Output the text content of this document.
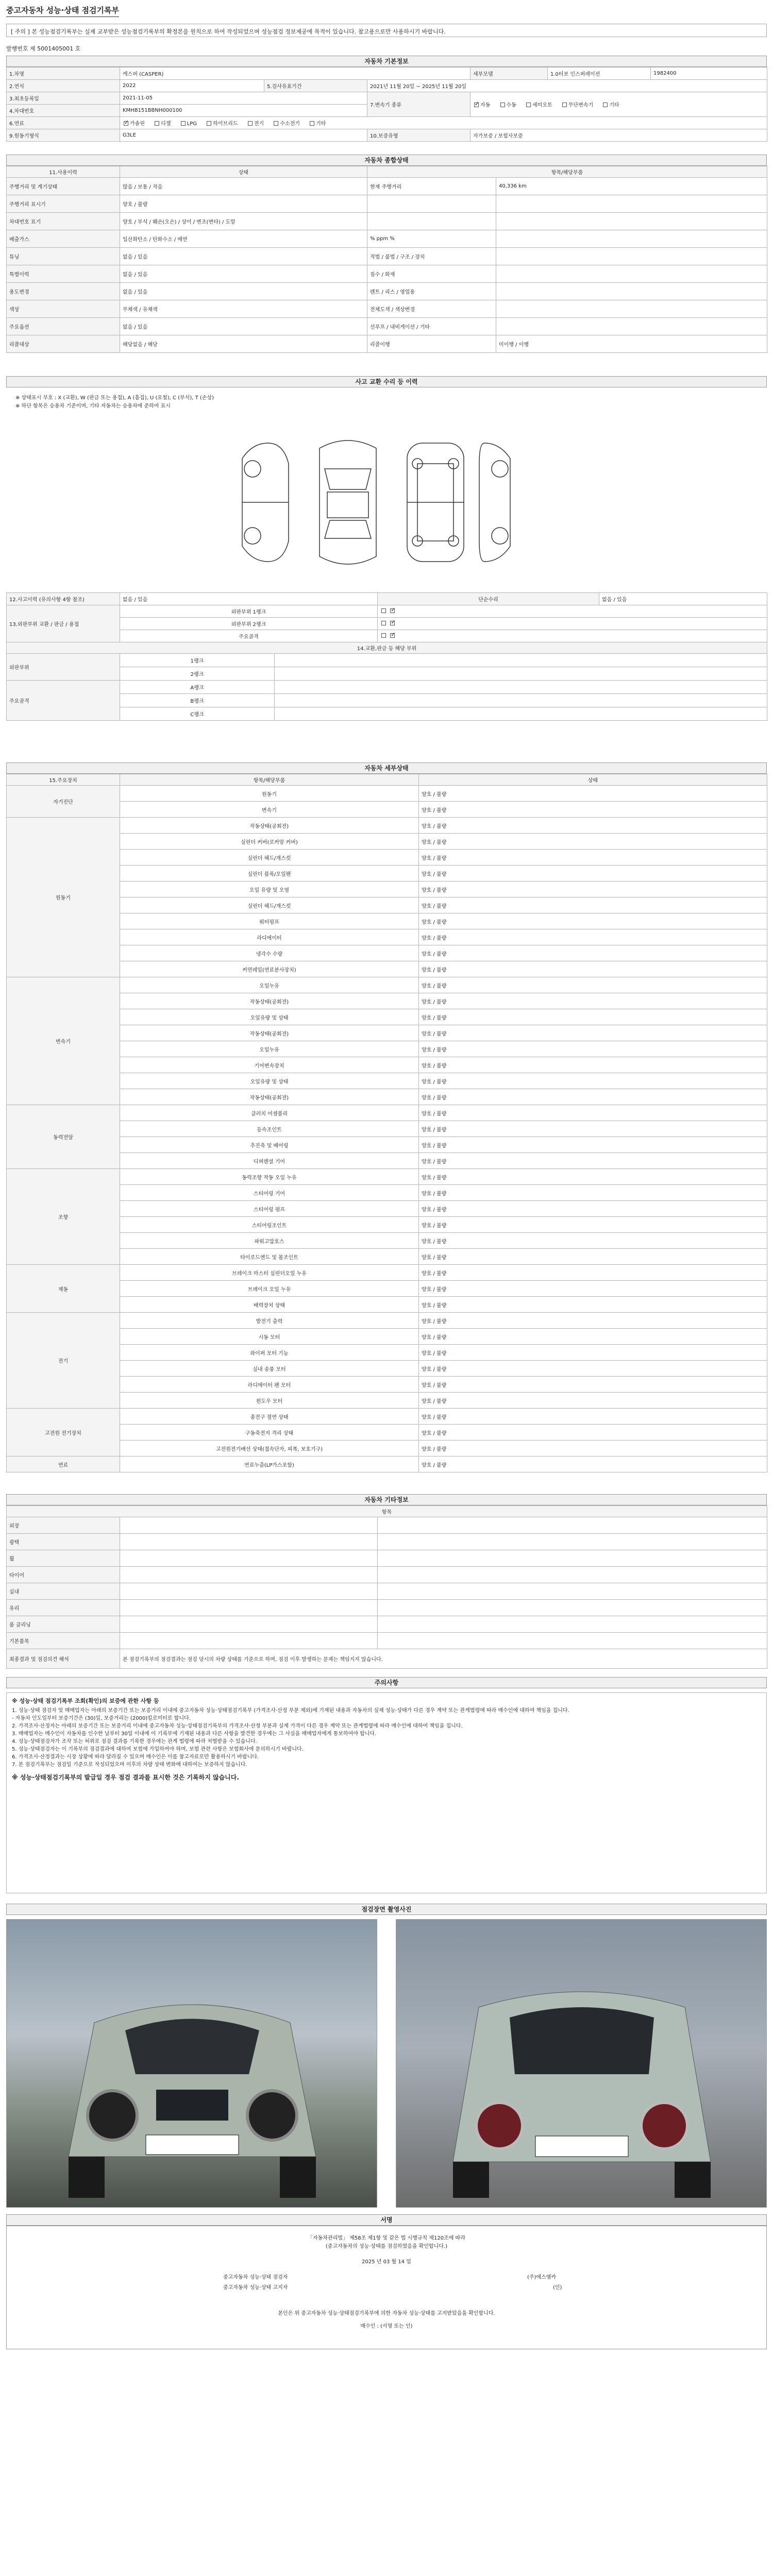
중고자동차 성능·상태 점검기록부
[ 주의 ] 본 성능점검기록부는 실제 교부받은 성능점검기록부의 확정본을 원칙으로 하여 작성되었으며 성능점검 정보제공에 목적이 있습니다. 참고용으로만 사용하시기 바랍니다.
발행번호 제 5001405001 호
자동차 기본정보
1.차명	캐스퍼 (CASPER)			세부모델	1.0터보 인스퍼레이션	1982400
2.연식	2022	5.검사유효기간	2021년 11월 20일 ~ 2025년 11월 20일			
3.최초등록일	2021-11-05		7.변속기 종류	✓자동 수동 세미오토 무단변속기 기타
4.차대번호	KMHB151BBNH000100					
6.연료	✓가솔린 디젤 LPG 하이브리드 전기 수소전기 기타
9.원동기형식	G3LE		10.보증유형	자가보증 / 보험사보증		
자동차 종합상태
11.사용이력	상태	항목/해당부품	
주행거리 및 계기상태	많음 / 보통 / 적음	현재 주행거리	40,336 km
주행거리 표시기	양호 / 불량		
차대번호 표기	양호 / 부식 / 훼손(오손) / 상이 / 변조(변타) / 도말		
배출가스	일산화탄소 / 탄화수소 / 매연	% ppm %	
튜닝	없음 / 있음	적법 / 불법 / 구조 / 장치	
특별이력	없음 / 있음	침수 / 화재	
용도변경	없음 / 있음	렌트 / 리스 / 영업용	
색상	무채색 / 유채색	전체도색 / 색상변경	
주요옵션	없음 / 있음	선루프 / 내비게이션 / 기타	
리콜대상	해당없음 / 해당	리콜이행	미이행 / 이행
사고 교환 수리 등 이력
※ 상태표시 부호 : X (교환), W (판금 또는 용접), A (흠집), U (요철), C (부식), T (손상)
※ 하단 항목은 승용차 기준이며, 기타 자동차는 승용차에 준하여 표시
12.사고이력 (유의사항 4항 참조)	없음 / 있음		단순수리	없음 / 있음
13.외판부위 교환 / 판금 / 용접	외판부위 1랭크	✓
	외판부위 2랭크	✓
	주요골격	✓
14.교환,판금 등 해당 부위				
외판부위	1랭크			
	2랭크			
주요골격	A랭크			
	B랭크			
	C랭크			
자동차 세부상태
15.주요장치	항목/해당부품	상태
자기진단	원동기	양호 / 불량
	변속기	양호 / 불량
원동기	작동상태(공회전)	양호 / 불량
	실린더 커버(로커암 커버)	양호 / 불량
	실린더 헤드/개스킷	양호 / 불량
	실린더 블록/오일팬	양호 / 불량
	오일 유량 및 오염	양호 / 불량
	실린더 헤드/개스킷	양호 / 불량
	워터펌프	양호 / 불량
	라디에이터	양호 / 불량
	냉각수 수량	양호 / 불량
	커먼레일(연료분사장치)	양호 / 불량
변속기	오일누유	양호 / 불량
	작동상태(공회전)	양호 / 불량
	오일유량 및 상태	양호 / 불량
	작동상태(공회전)	양호 / 불량
	오일누유	양호 / 불량
	기어변속장치	양호 / 불량
	오일유량 및 상태	양호 / 불량
	작동상태(공회전)	양호 / 불량
동력전달	클러치 어셈블리	양호 / 불량
	등속조인트	양호 / 불량
	추진축 및 베어링	양호 / 불량
	디퍼렌셜 기어	양호 / 불량
조향	동력조향 작동 오일 누유	양호 / 불량
	스티어링 기어	양호 / 불량
	스티어링 펌프	양호 / 불량
	스티어링조인트	양호 / 불량
	파워고압호스	양호 / 불량
	타이로드엔드 및 볼조인트	양호 / 불량
제동	브레이크 마스터 실린더오일 누유	양호 / 불량
	브레이크 오일 누유	양호 / 불량
	배력장치 상태	양호 / 불량
전기	발전기 출력	양호 / 불량
	시동 모터	양호 / 불량
	와이퍼 모터 기능	양호 / 불량
	실내 송풍 모터	양호 / 불량
	라디에이터 팬 모터	양호 / 불량
	윈도우 모터	양호 / 불량
고전원 전기장치	충전구 절연 상태	양호 / 불량
	구동축전지 격리 상태	양호 / 불량
	고전원전기배선 상태(접속단자, 피복, 보호기구)	양호 / 불량
연료	연료누출(LP가스포함)	양호 / 불량
자동차 기타정보
항목		
외장		
광택		
휠		
타이어		
실내		
유리		
룸 클리닝		
기본품목		
최종결과 및 점검의견 해석	본 점검기록부의 점검결과는 점검 당시의 차량 상태를 기준으로 하며, 점검 이후 발생하는 문제는 책임지지 않습니다.	
주의사항

※ 성능·상태 점검기록부 조회(확인)의 보증에 관한 사항 등

1. 성능·상태 점검자 및 매매업자는 아래의 보증기간 또는 보증거리 이내에 중고자동차 성능·상태점검기록부 (가격조사·산정 부분 제외)에 기재된 내용과 자동차의 실제 성능·상태가 다른 경우 계약 또는 관계법령에 따라 매수인에 대하여 책임을 집니다.

- 자동차 인도일부터 보증기간은 (30)일, 보증거리는 (2000)킬로미터로 합니다.

2. 가격조사·산정자는 아래의 보증기간 또는 보증거리 이내에 중고자동차 성능·상태점검기록부의 가격조사·산정 부분과 실제 가격이 다른 경우 계약 또는 관계법령에 따라 매수인에 대하여 책임을 집니다.

3. 매매업자는 매수인이 자동차를 인수한 날부터 30일 이내에 이 기록부에 기재된 내용과 다른 사항을 발견한 경우에는 그 사실을 매매업자에게 통보하여야 합니다.

4. 성능·상태점검자가 조작 또는 허위로 점검 결과를 기록한 경우에는 관계 법령에 따라 처벌받을 수 있습니다.

5. 성능·상태점검자는 이 기록부의 점검결과에 대하여 보험에 가입하여야 하며, 보험 관련 사항은 보험회사에 문의하시기 바랍니다.

6. 가격조사·산정결과는 시장 상황에 따라 달라질 수 있으며 매수인은 이를 참고자료로만 활용하시기 바랍니다.

7. 본 점검기록부는 점검일 기준으로 작성되었으며 이후의 차량 상태 변화에 대하여는 보증하지 않습니다.

※ 성능·상태점검기록부의 발급일 경우 점검 결과를 표시한 것은 기록하지 않습니다.

점검장면 촬영사진
서명
「자동차관리법」 제58조 제1항 및 같은 법 시행규칙 제120조에 따라
(중고자동차의 성능·상태를 점검하였음을 확인합니다.)
2025 년 03 월 14 일
중고자동차 성능·상태 점검자	(주)에스엠카
중고자동차 성능·상태 고지자	(인)
본인은 위 중고자동차 성능·상태점검기록부에 의한 자동차 성능·상태를 고지받았음을 확인합니다.
매수인 : (서명 또는 인)
